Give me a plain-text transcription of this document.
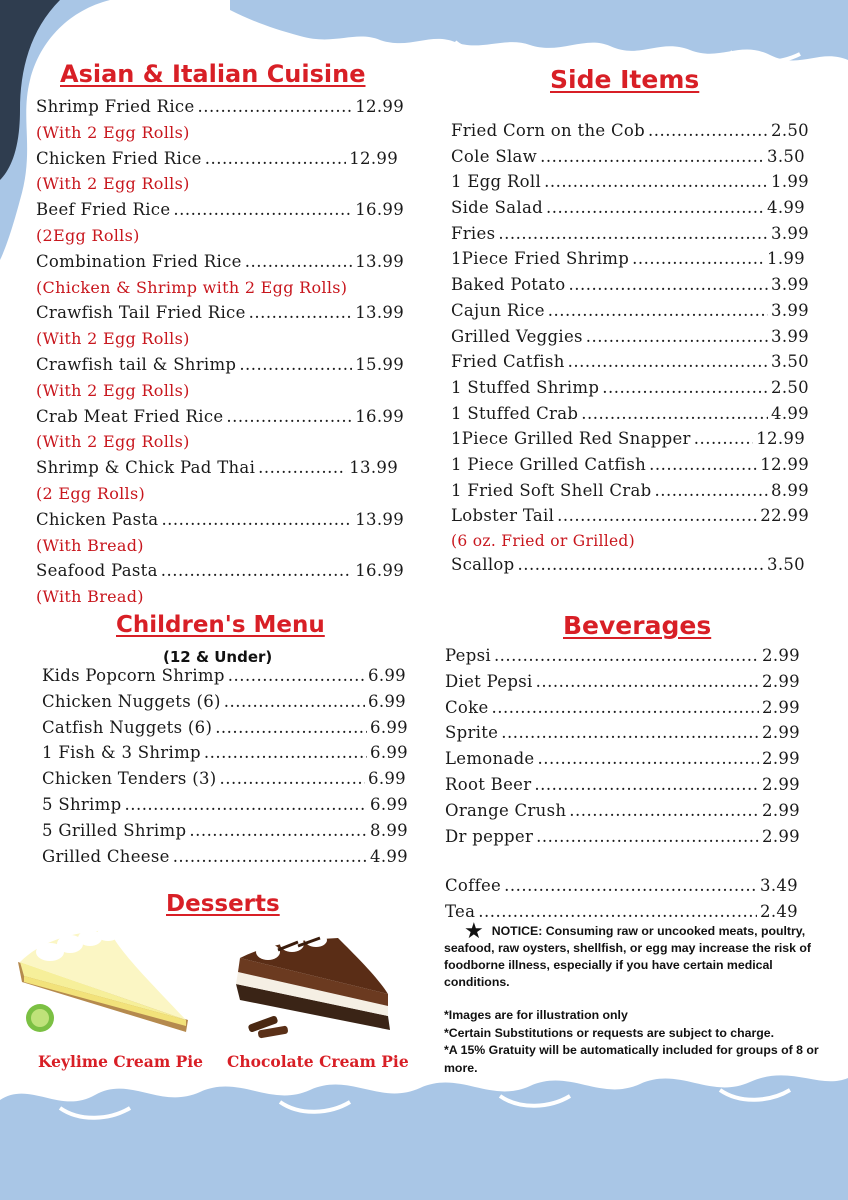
Asian & Italian Cuisine
Shrimp Fried Rice .....	12.99
(With 2 Egg Rolls)
Chicken Fried Rice .....	12.99
(With 2 Egg Rolls)
Beef Fried Rice .....	16.99
(2Egg Rolls)
Combination Fried Rice .....	13.99
(Chicken & Shrimp with 2 Egg Rolls)
Crawfish Tail Fried Rice .....	13.99
(With 2 Egg Rolls)
Crawfish tail & Shrimp .....	15.99
(With 2 Egg Rolls)
Crab Meat Fried Rice .....	16.99
(With 2 Egg Rolls)
Shrimp & Chick Pad Thai .....	13.99
(2 Egg Rolls)
Chicken Pasta .....	13.99
(With Bread)
Seafood Pasta .....	16.99
(With Bread)
Side Items
Fried Corn on the Cob .....	2.50
Cole Slaw .....	3.50
1 Egg Roll .....	1.99
Side Salad .....	4.99
Fries .....	3.99
1Piece Fried Shrimp .....	1.99
Baked Potato .....	3.99
Cajun Rice .....	3.99
Grilled Veggies .....	3.99
Fried Catfish .....	3.50
1 Stuffed Shrimp .....	2.50
1 Stuffed Crab .....	4.99
1Piece Grilled Red Snapper .....	12.99
1 Piece Grilled Catfish .....	12.99
1 Fried Soft Shell Crab .....	8.99
Lobster Tail .....	22.99
(6 oz. Fried or Grilled)
Scallop .....	3.50
Children's Menu
(12 & Under)
Kids Popcorn Shrimp .....	6.99
Chicken Nuggets (6) .....	6.99
Catfish Nuggets (6) .....	6.99
1 Fish & 3 Shrimp .....	6.99
Chicken Tenders (3) .....	6.99
5 Shrimp .....	6.99
5 Grilled Shrimp .....	8.99
Grilled Cheese .....	4.99
Beverages
Pepsi .....	2.99
Diet Pepsi .....	2.99
Coke .....	2.99
Sprite .....	2.99
Lemonade .....	2.99
Root Beer .....	2.99
Orange Crush .....	2.99
Dr pepper .....	2.99
Coffee .....	3.49
Tea .....	2.49
Desserts
Keylime Cream Pie Chocolate Cream Pie
★ NOTICE: Consuming raw or uncooked meats, poultry, seafood, raw oysters, shellfish, or egg may increase the risk of foodborne illness, especially if you have certain medical conditions.
*Images are for illustration only
*Certain Substitutions or requests are subject to charge.
*A 15% Gratuity will be automatically included for groups of 8 or more.
